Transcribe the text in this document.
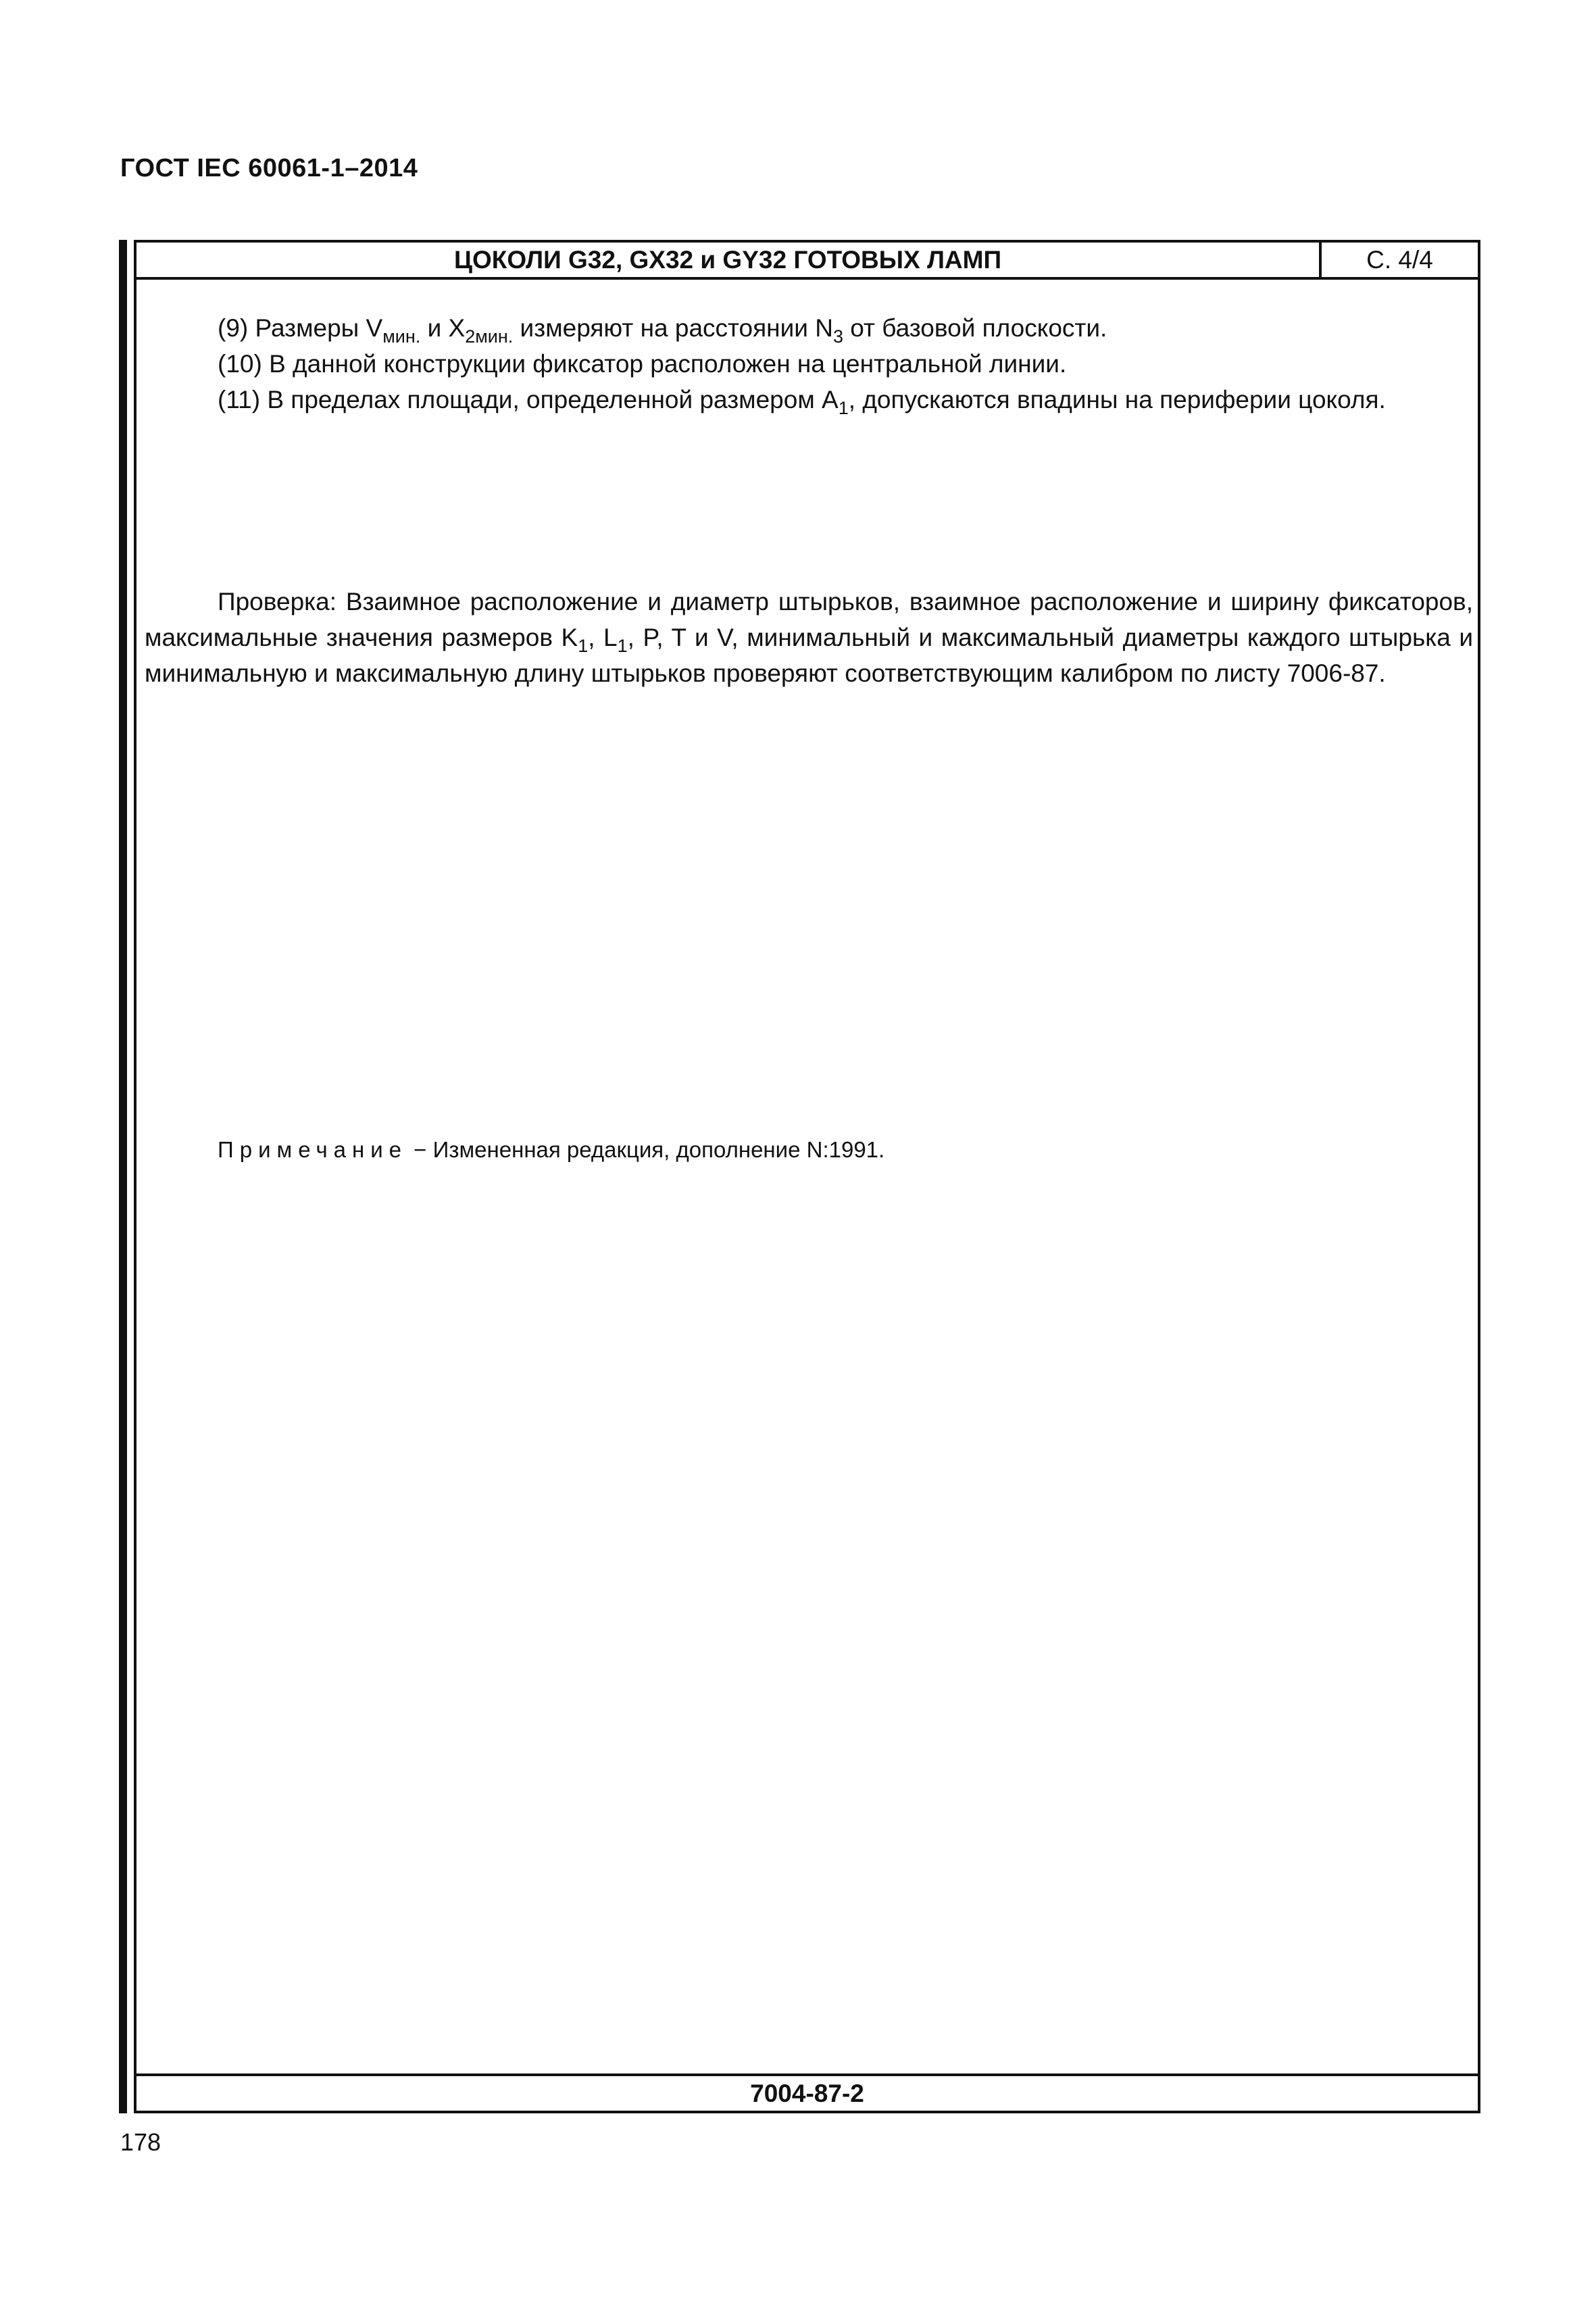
ГОСТ IEC 60061-1–2014
ЦОКОЛИ G32, GX32 и GY32 ГОТОВЫХ ЛАМП	С. 4/4

(9) Размеры $V_{мин.}$ и $X_{2мин.}$ измеряют на расстоянии $N_3$ от базовой плоскости.

(10) В данной конструкции фиксатор расположен на центральной линии.

(11) В пределах площади, определенной размером $A_1$, допускаются впадины на периферии цоколя.

Проверка: Взаимное расположение и диаметр штырьков, взаимное расположение и ширину фиксаторов, максимальные значения размеров $K_1$, $L_1$, P, T и V, минимальный и максимальный диаметры каждого штырька и минимальную и максимальную длину штырьков проверяют соответствующим калибром по листу 7006-87.

Примечание − Измененная редакция, дополнение N:1991.
7004-87-2
178
